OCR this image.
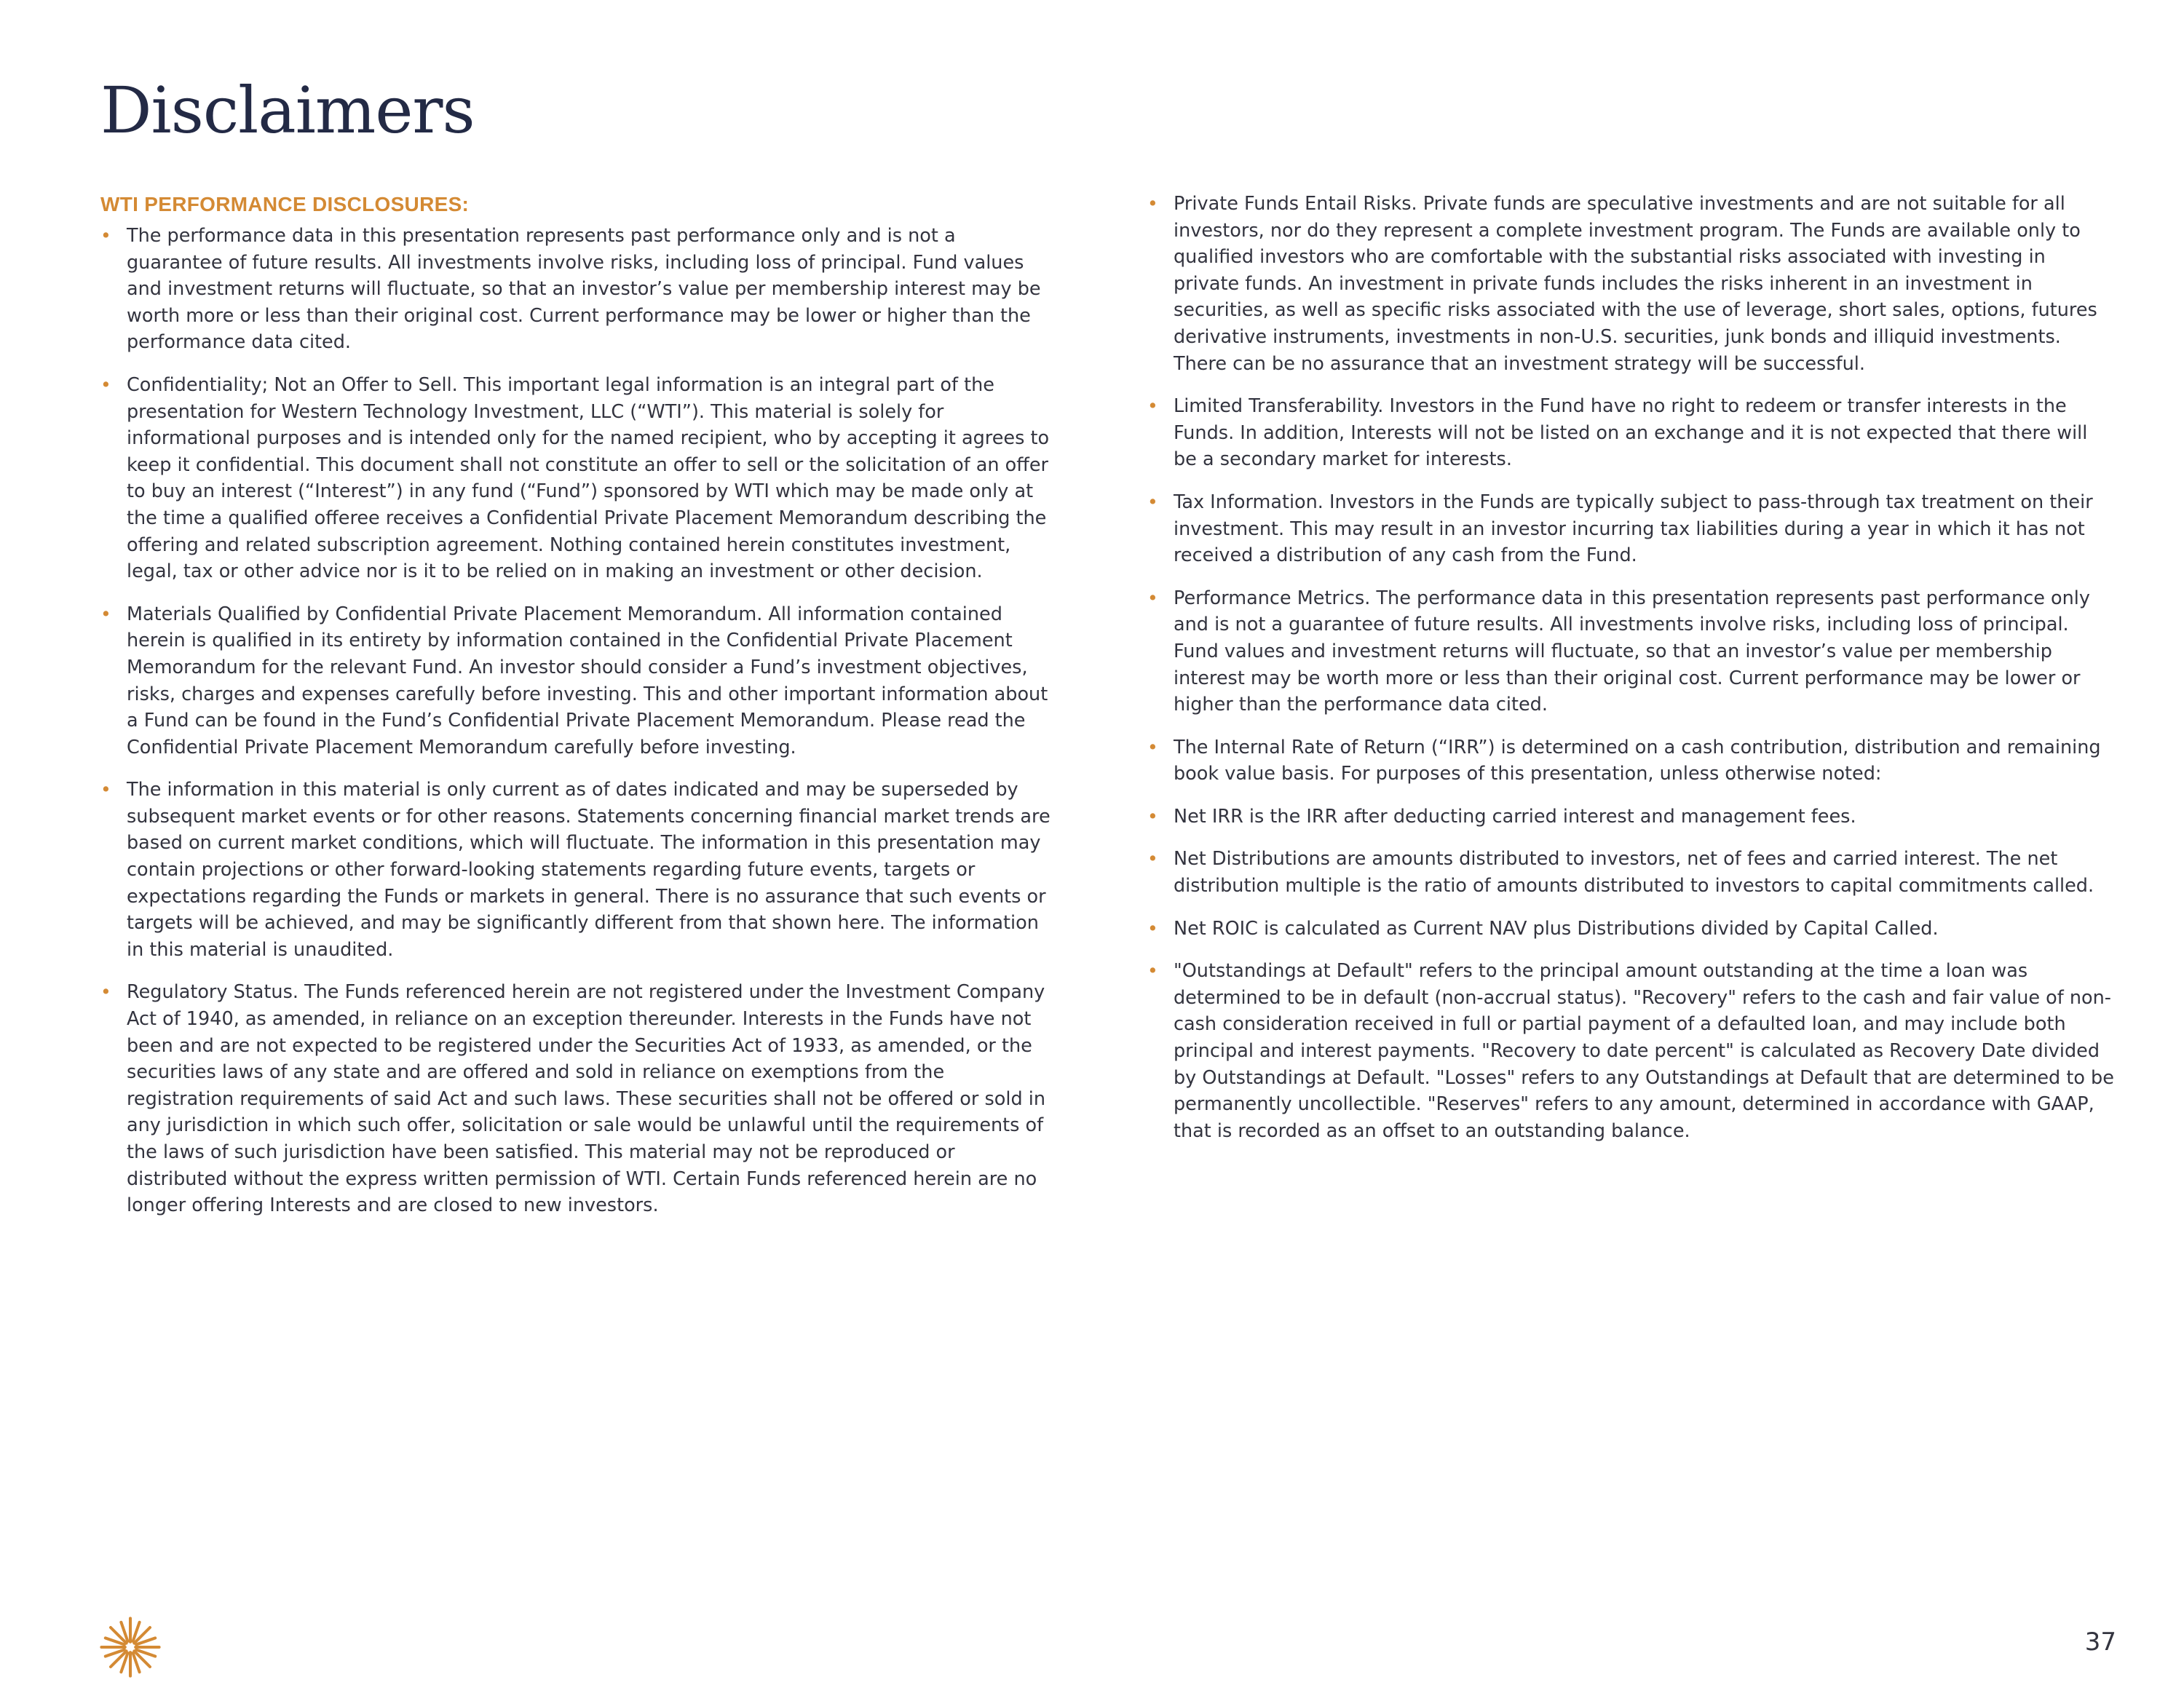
Disclaimers
WTI PERFORMANCE DISCLOSURES:
• The performance data in this presentation represents past performance only and is not a guarantee of future results. All investments involve risks, including loss of principal. Fund values and investment returns will fluctuate, so that an investor’s value per membership interest may be worth more or less than their original cost. Current performance may be lower or higher than the performance data cited.
• Confidentiality; Not an Offer to Sell. This important legal information is an integral part of the presentation for Western Technology Investment, LLC (“WTI”). This material is solely for informational purposes and is intended only for the named recipient, who by accepting it agrees to keep it confidential. This document shall not constitute an offer to sell or the solicitation of an offer to buy an interest (“Interest”) in any fund (“Fund”) sponsored by WTI which may be made only at the time a qualified offeree receives a Confidential Private Placement Memorandum describing the offering and related subscription agreement. Nothing contained herein constitutes investment, legal, tax or other advice nor is it to be relied on in making an investment or other decision.
• Materials Qualified by Confidential Private Placement Memorandum. All information contained herein is qualified in its entirety by information contained in the Confidential Private Placement Memorandum for the relevant Fund. An investor should consider a Fund’s investment objectives, risks, charges and expenses carefully before investing. This and other important information about a Fund can be found in the Fund’s Confidential Private Placement Memorandum. Please read the Confidential Private Placement Memorandum carefully before investing.
• The information in this material is only current as of dates indicated and may be superseded by subsequent market events or for other reasons. Statements concerning financial market trends are based on current market conditions, which will fluctuate. The information in this presentation may contain projections or other forward-looking statements regarding future events, targets or expectations regarding the Funds or markets in general. There is no assurance that such events or targets will be achieved, and may be significantly different from that shown here. The information in this material is unaudited.
• Regulatory Status. The Funds referenced herein are not registered under the Investment Company Act of 1940, as amended, in reliance on an exception thereunder. Interests in the Funds have not been and are not expected to be registered under the Securities Act of 1933, as amended, or the securities laws of any state and are offered and sold in reliance on exemptions from the registration requirements of said Act and such laws. These securities shall not be offered or sold in any jurisdiction in which such offer, solicitation or sale would be unlawful until the requirements of the laws of such jurisdiction have been satisfied. This material may not be reproduced or distributed without the express written permission of WTI. Certain Funds referenced herein are no longer offering Interests and are closed to new investors.
• Private Funds Entail Risks. Private funds are speculative investments and are not suitable for all investors, nor do they represent a complete investment program. The Funds are available only to qualified investors who are comfortable with the substantial risks associated with investing in private funds. An investment in private funds includes the risks inherent in an investment in securities, as well as specific risks associated with the use of leverage, short sales, options, futures derivative instruments, investments in non-U.S. securities, junk bonds and illiquid investments. There can be no assurance that an investment strategy will be successful.
• Limited Transferability. Investors in the Fund have no right to redeem or transfer interests in the Funds. In addition, Interests will not be listed on an exchange and it is not expected that there will be a secondary market for interests.
• Tax Information. Investors in the Funds are typically subject to pass-through tax treatment on their investment. This may result in an investor incurring tax liabilities during a year in which it has not received a distribution of any cash from the Fund.
• Performance Metrics. The performance data in this presentation represents past performance only and is not a guarantee of future results. All investments involve risks, including loss of principal. Fund values and investment returns will fluctuate, so that an investor’s value per membership interest may be worth more or less than their original cost. Current performance may be lower or higher than the performance data cited.
• The Internal Rate of Return (“IRR”) is determined on a cash contribution, distribution and remaining book value basis. For purposes of this presentation, unless otherwise noted:
• Net IRR is the IRR after deducting carried interest and management fees.
• Net Distributions are amounts distributed to investors, net of fees and carried interest. The net distribution multiple is the ratio of amounts distributed to investors to capital commitments called.
• Net ROIC is calculated as Current NAV plus Distributions divided by Capital Called.
• "Outstandings at Default" refers to the principal amount outstanding at the time a loan was determined to be in default (non-accrual status). "Recovery" refers to the cash and fair value of non-cash consideration received in full or partial payment of a defaulted loan, and may include both principal and interest payments. "Recovery to date percent" is calculated as Recovery Date divided by Outstandings at Default. "Losses" refers to any Outstandings at Default that are determined to be permanently uncollectible. "Reserves" refers to any amount, determined in accordance with GAAP, that is recorded as an offset to an outstanding balance.
37
